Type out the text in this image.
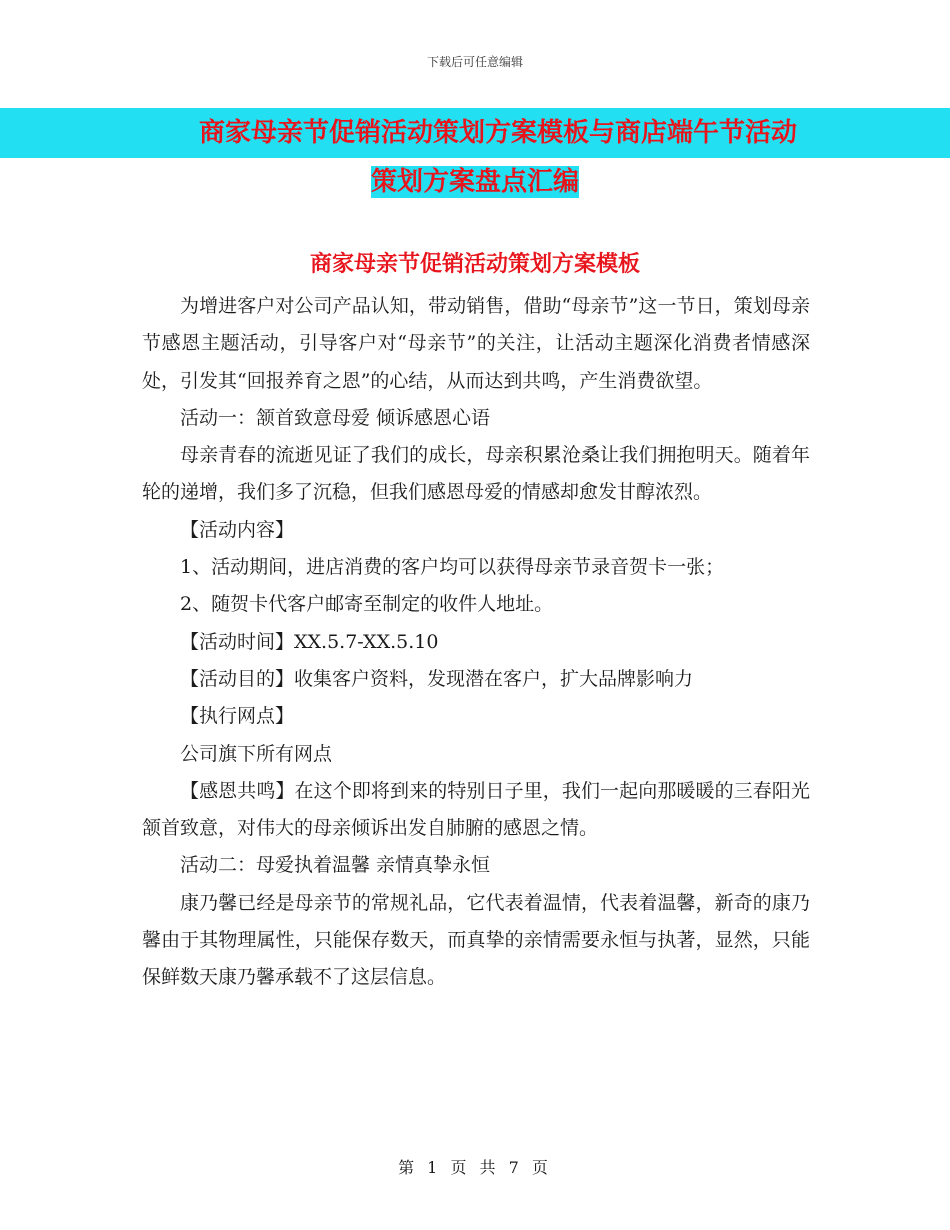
下载后可任意编辑
商家母亲节促销活动策划方案模板与商店端午节活动
策划方案盘点汇编
商家母亲节促销活动策划方案模板

为增进客户对公司产品认知，带动销售，借助“母亲节”这一节日，策划母亲节感恩主题活动，引导客户对“母亲节”的关注，让活动主题深化消费者情感深处，引发其“回报养育之恩”的心结，从而达到共鸣，产生消费欲望。

活动一：颔首致意母爱 倾诉感恩心语

母亲青春的流逝见证了我们的成长，母亲积累沧桑让我们拥抱明天。随着年轮的递增，我们多了沉稳，但我们感恩母爱的情感却愈发甘醇浓烈。

【活动内容】

1、活动期间，进店消费的客户均可以获得母亲节录音贺卡一张；

2、随贺卡代客户邮寄至制定的收件人地址。

【活动时间】XX.5.7-XX.5.10

【活动目的】收集客户资料，发现潜在客户，扩大品牌影响力

【执行网点】

公司旗下所有网点

【感恩共鸣】在这个即将到来的特别日子里，我们一起向那暖暖的三春阳光颔首致意，对伟大的母亲倾诉出发自肺腑的感恩之情。

活动二：母爱执着温馨 亲情真挚永恒

康乃馨已经是母亲节的常规礼品，它代表着温情，代表着温馨，新奇的康乃馨由于其物理属性，只能保存数天，而真挚的亲情需要永恒与执著，显然，只能保鲜数天康乃馨承载不了这层信息。

第 1 页 共 7 页
